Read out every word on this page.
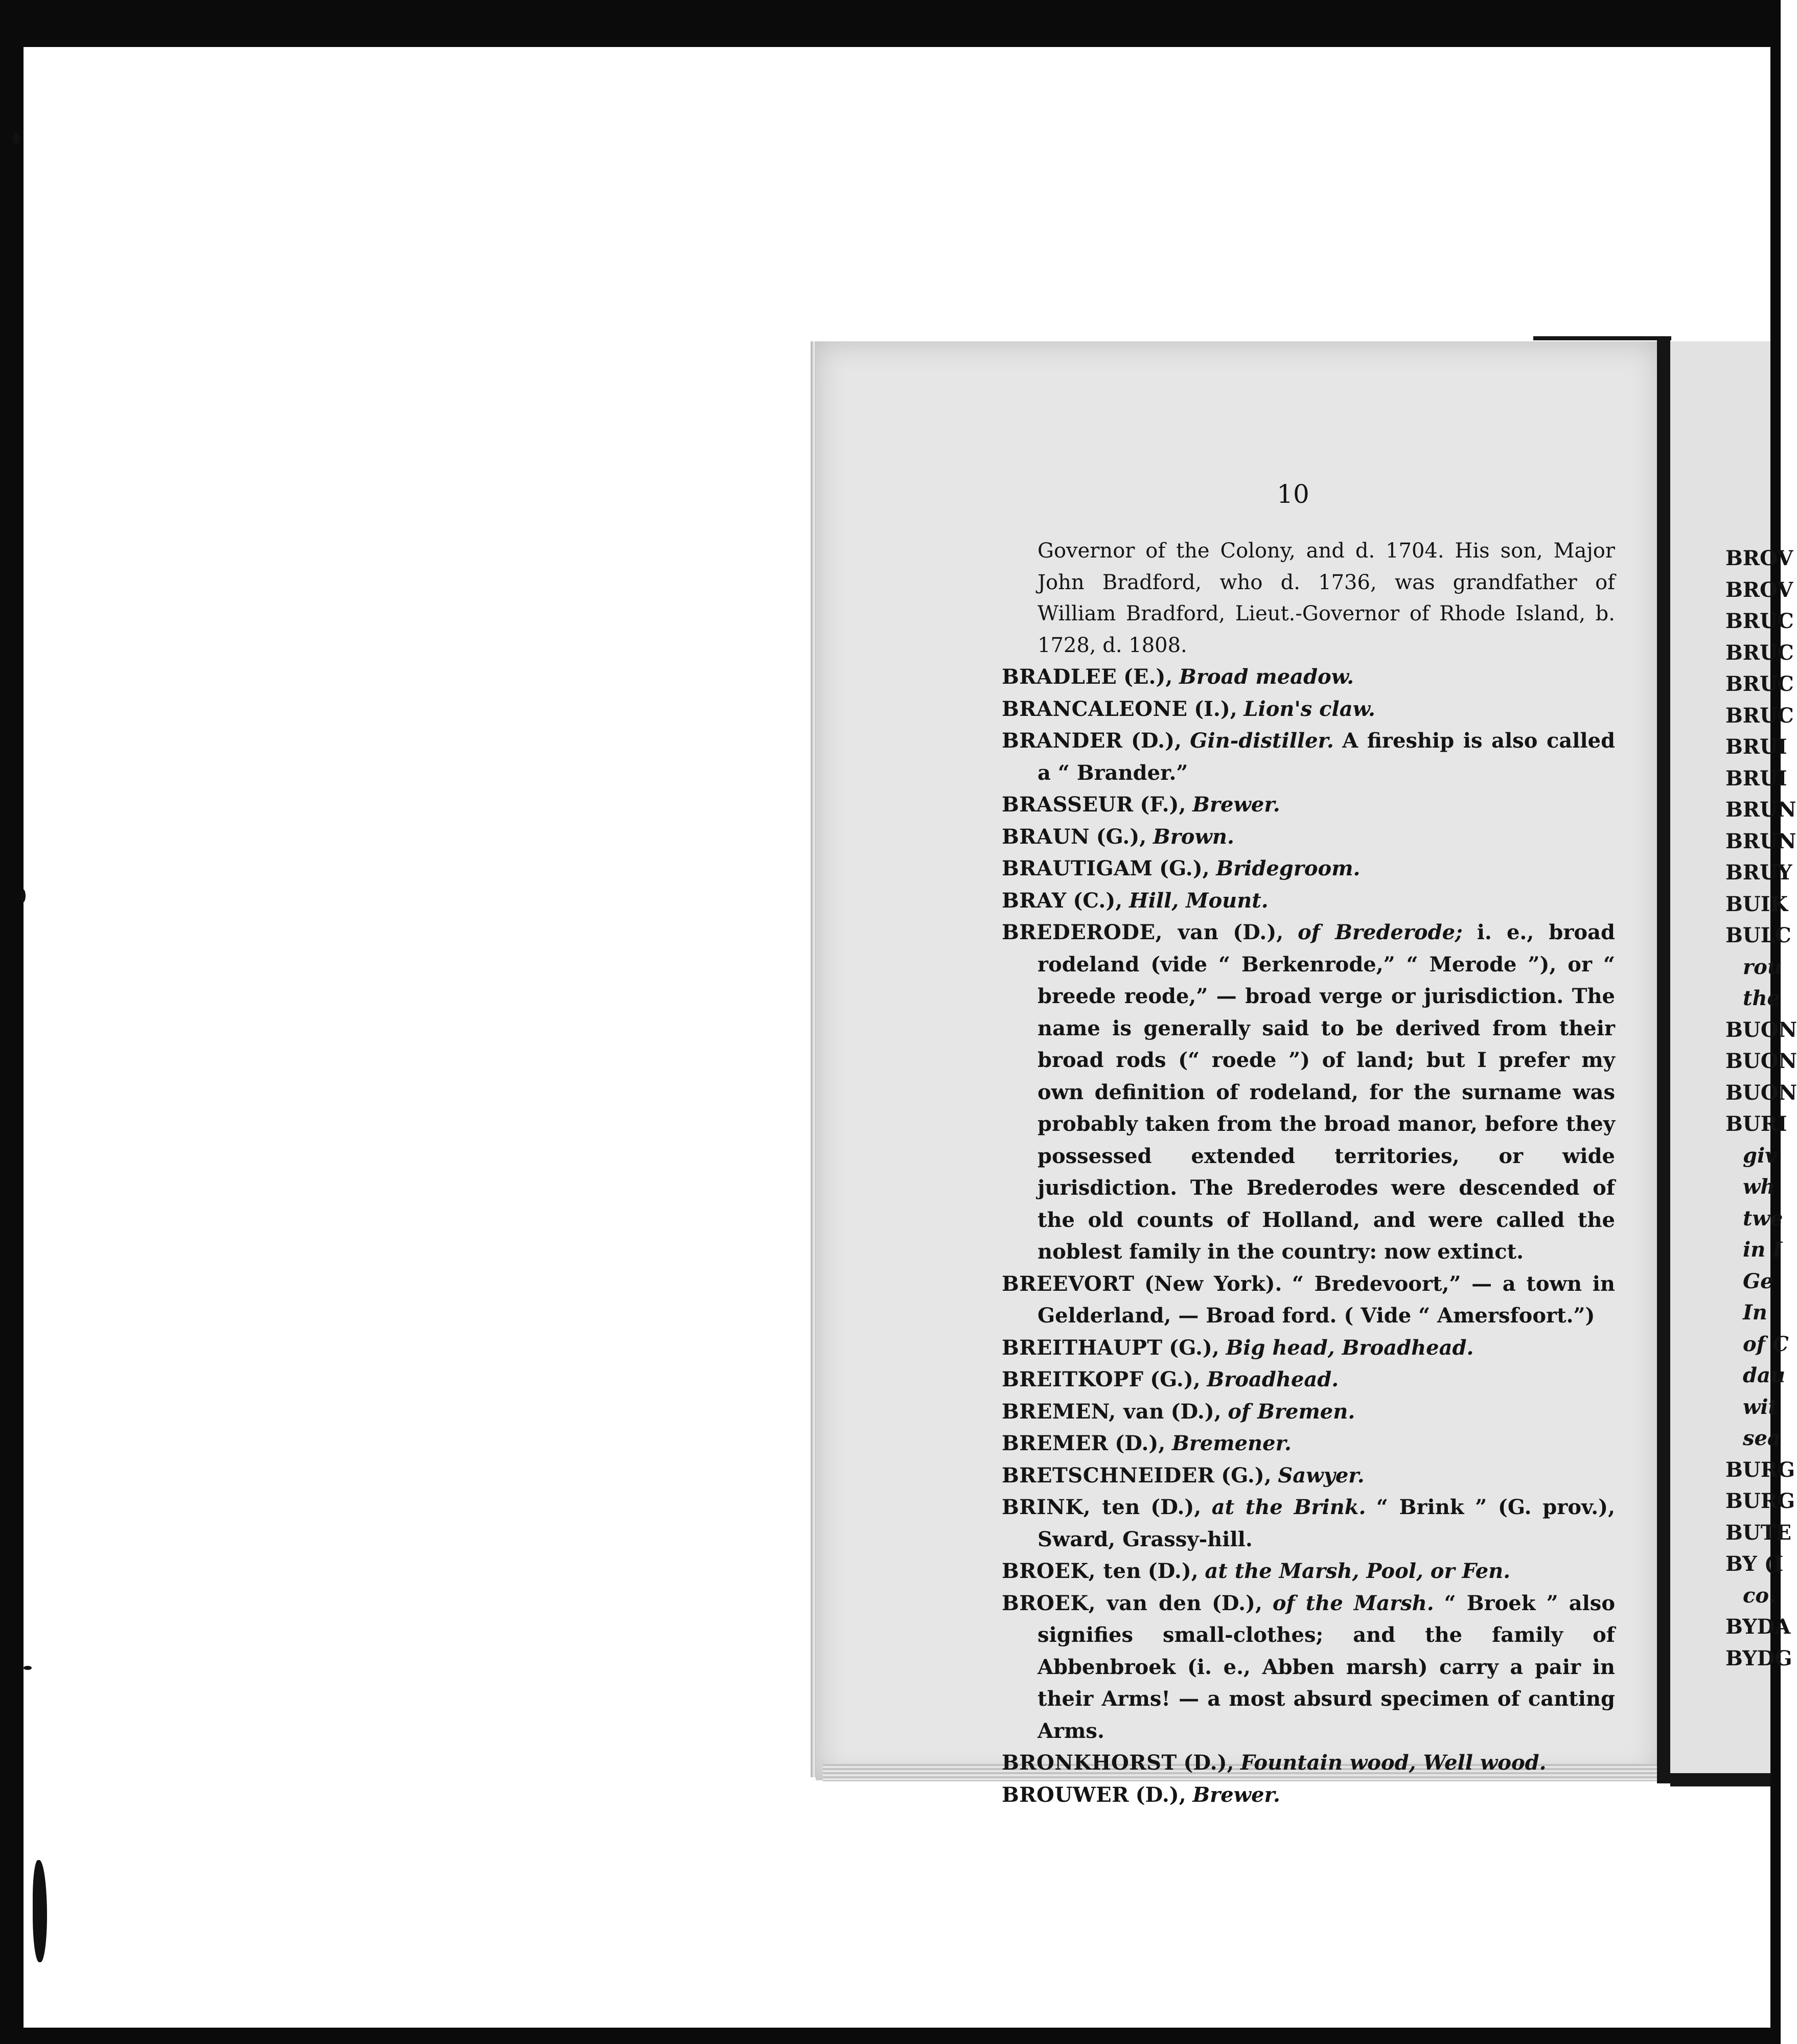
10

Governor of the Colony, and d. 1704. His son, Major John Bradford, who d. 1736, was grandfather of William Bradford, Lieut.-Governor of Rhode Island, b. 1728, d. 1808.

BRADLEE (E.), Broad meadow.

BRANCALEONE (I.), Lion's claw.

BRANDER (D.), Gin-distiller. A fireship is also called a “ Brander.”

BRASSEUR (F.), Brewer.

BRAUN (G.), Brown.

BRAUTIGAM (G.), Bridegroom.

BRAY (C.), Hill, Mount.

BREDERODE, van (D.), of Brederode; i. e., broad rodeland (vide “ Berkenrode,” “ Merode ”), or “ breede reode,” — broad verge or jurisdiction. The name is generally said to be derived from their broad rods (“ roede ”) of land; but I prefer my own definition of rodeland, for the surname was probably taken from the broad manor, before they possessed extended territories, or wide jurisdiction. The Brederodes were descended of the old counts of Holland, and were called the noblest family in the country: now extinct.

BREEVORT (New York). “ Bredevoort,” — a town in Gelderland, — Broad ford. ( Vide “ Amersfoort.”)

BREITHAUPT (G.), Big head, Broadhead.

BREITKOPF (G.), Broadhead.

BREMEN, van (D.), of Bremen.

BREMER (D.), Bremener.

BRETSCHNEIDER (G.), Sawyer.

BRINK, ten (D.), at the Brink. “ Brink ” (G. prov.), Sward, Grassy-hill.

BROEK, ten (D.), at the Marsh, Pool, or Fen.

BROEK, van den (D.), of the Marsh. “ Broek ” also signifies small-clothes; and the family of Abbenbroek (i. e., Abben marsh) carry a pair in their Arms! — a most absurd specimen of canting Arms.

BRONKHORST (D.), Fountain wood, Well wood.

BROUWER (D.), Brewer.

BROV
BROV
BRUC
BRUC
BRUC
BRUC
BRUI
BRUI
BRUN
BRUN
BRUY
BUIK
BULC
rou
the
BUON
BUON
BUON
BURI
giv
wh
twe
in I
Ge
In
of C
dau
wit
sea
BURG
BURG
BUTE
BY (I
co.
BYDA
BYDG
